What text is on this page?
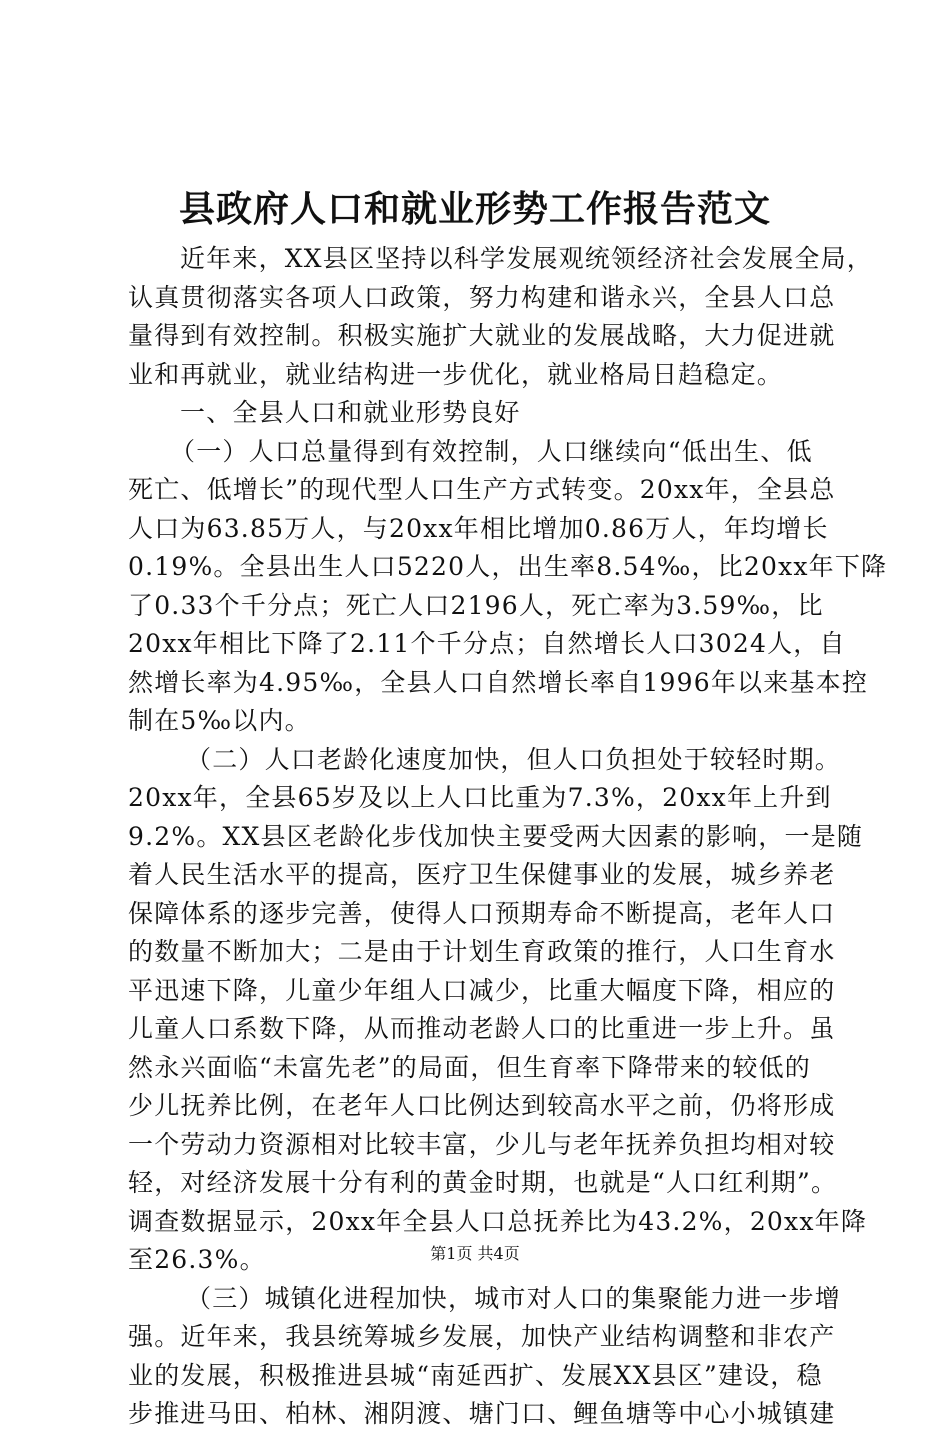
县政府人口和就业形势工作报告范文
近年来，XX县区坚持以科学发展观统领经济社会发展全局，
认真贯彻落实各项人口政策，努力构建和谐永兴，全县人口总
量得到有效控制。积极实施扩大就业的发展战略，大力促进就
业和再就业，就业结构进一步优化，就业格局日趋稳定。
一、全县人口和就业形势良好
（一）人口总量得到有效控制，人口继续向“低出生、低
死亡、低增长”的现代型人口生产方式转变。20xx年，全县总
人口为63.85万人，与20xx年相比增加0.86万人，年均增长
0.19%。全县出生人口5220人，出生率8.54‰，比20xx年下降
了0.33个千分点；死亡人口2196人，死亡率为3.59‰，比
20xx年相比下降了2.11个千分点；自然增长人口3024人，自
然增长率为4.95‰，全县人口自然增长率自1996年以来基本控
制在5‰以内。
（二）人口老龄化速度加快，但人口负担处于较轻时期。
20xx年，全县65岁及以上人口比重为7.3%，20xx年上升到
9.2%。XX县区老龄化步伐加快主要受两大因素的影响，一是随
着人民生活水平的提高，医疗卫生保健事业的发展，城乡养老
保障体系的逐步完善，使得人口预期寿命不断提高，老年人口
的数量不断加大；二是由于计划生育政策的推行，人口生育水
平迅速下降，儿童少年组人口减少，比重大幅度下降，相应的
儿童人口系数下降，从而推动老龄人口的比重进一步上升。虽
然永兴面临“未富先老”的局面，但生育率下降带来的较低的
少儿抚养比例，在老年人口比例达到较高水平之前，仍将形成
一个劳动力资源相对比较丰富，少儿与老年抚养负担均相对较
轻，对经济发展十分有利的黄金时期，也就是“人口红利期”。
调查数据显示，20xx年全县人口总抚养比为43.2%，20xx年降
至26.3%。
（三）城镇化进程加快，城市对人口的集聚能力进一步增
强。近年来，我县统筹城乡发展，加快产业结构调整和非农产
业的发展，积极推进县城“南延西扩、发展XX县区”建设，稳
步推进马田、柏林、湘阴渡、塘门口、鲤鱼塘等中心小城镇建
第1页 共4页
